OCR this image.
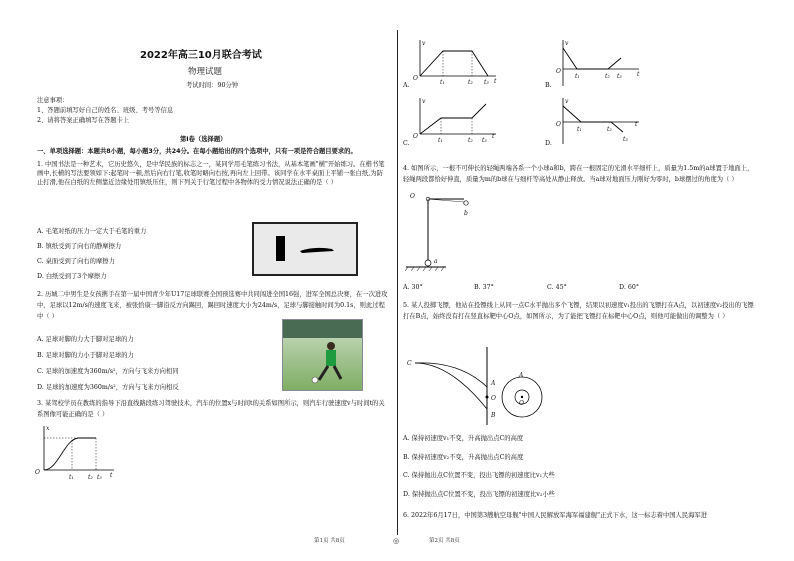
2022年高三10月联合考试
物理试题
考试时间：90分钟
注意事项：
1、答题前填写好自己的姓名、班级、考号等信息
2、请将答案正确填写在答题卡上
第Ⅰ卷（选择题）
一、单项选择题：本题共8小题，每小题3分，共24分。在每小题给出的四个选项中，只有一项是符合题目要求的。
1. 中国书法是一种艺术，它历史悠久，是中华民族的标志之一，某同学用毛笔练习书法，从基本笔画"横"开始练习。在楷书笔画中,长横的写法要领如下:起笔时一顿,然后向右行笔,收笔时略向右按,再向左上回带。该同学在水平桌面上平铺一张白纸,为防止打滑,他在白纸的左侧靠近边缘处用镇纸压住，则下列关于行笔过程中各物体的受力情况说法正确的是（ ）
A. 毛笔对纸的压力一定大于毛笔的重力
B. 镇纸受到了向右的静摩擦力
C. 桌面受到了向右的摩擦力
D. 白纸受到了3个摩擦力
2. 历城二中男生是女孩携手在第一届中国青少年U17足球联赛全国预选赛中共同闯进全国16强，进军全国总决赛，在一次进攻中，足球以12m/s的速度飞来，被张恰康一脚沿反方向踢回，踢回时速度大小为24m/s，足球与脚接触时间为0.1s，则此过程中（ ）
A. 足球对脚的力大于脚对足球的力
B. 足球对脚的力小于脚对足球的力
C. 足球的加速度为360m/s²，方向与飞来方向相同
D. 足球的加速度为360m/s²，方向与飞来方向相反
3. 某驾校学员在教练的指导下沿直线路段练习驾驶技术，汽车的位置x与时间t的关系如图所示，则汽车行驶速度v与时间t的关系图像可能正确的是（ ）
x
O	t
t₁ t₂ t₃
第1页 共8页	◎
v
O	t
t₁	t₂ t₃
A.
v
O	t
t₁	t₂ t₃
B.
v
O	t
t₁	t₂ t₃
C.
v
O	t
t₁	t₂
t₃
D.
4. 如图所示，一根不可伸长的轻绳两端各系一个小球a和b，跨在一根固定的光滑水平细杆上，质量为1.5m的a球置于地面上，轻绳两段都恰好伸直，质量为m的b球在与细杆等高处从静止释放。当a球对地面压力刚好为零时，b球摆过的角度为（ ）
O
a
b
A. 30°	B. 37°	C. 45°	D. 60°
5. 某人投掷飞镖，他站在投镖线上从同一点C水平抛出多个飞镖，结果以初速度v₁投出的飞镖打在A点，以初速度v₂投出的飞镖打在B点，始终没有打在竖直标靶中心O点，如图所示，为了能把飞镖打在标靶中心O点，则他可能做出的调整为（ ）
C
A
O
B
A
O
A. 保持初速度v₁不变，升高抛出点C的高度
B. 保持初速度v₂不变，升高抛出点C的高度
C. 保持抛出点C位置不变，投出飞镖的初速度比v₁大些
D. 保持抛出点C位置不变，投出飞镖的初速度比v₂小些
6. 2022年6月17日，中国第3艘航空母舰"中国人民解放军海军福建舰"正式下水，这一标志着中国人民海军进
第2页 共8页
